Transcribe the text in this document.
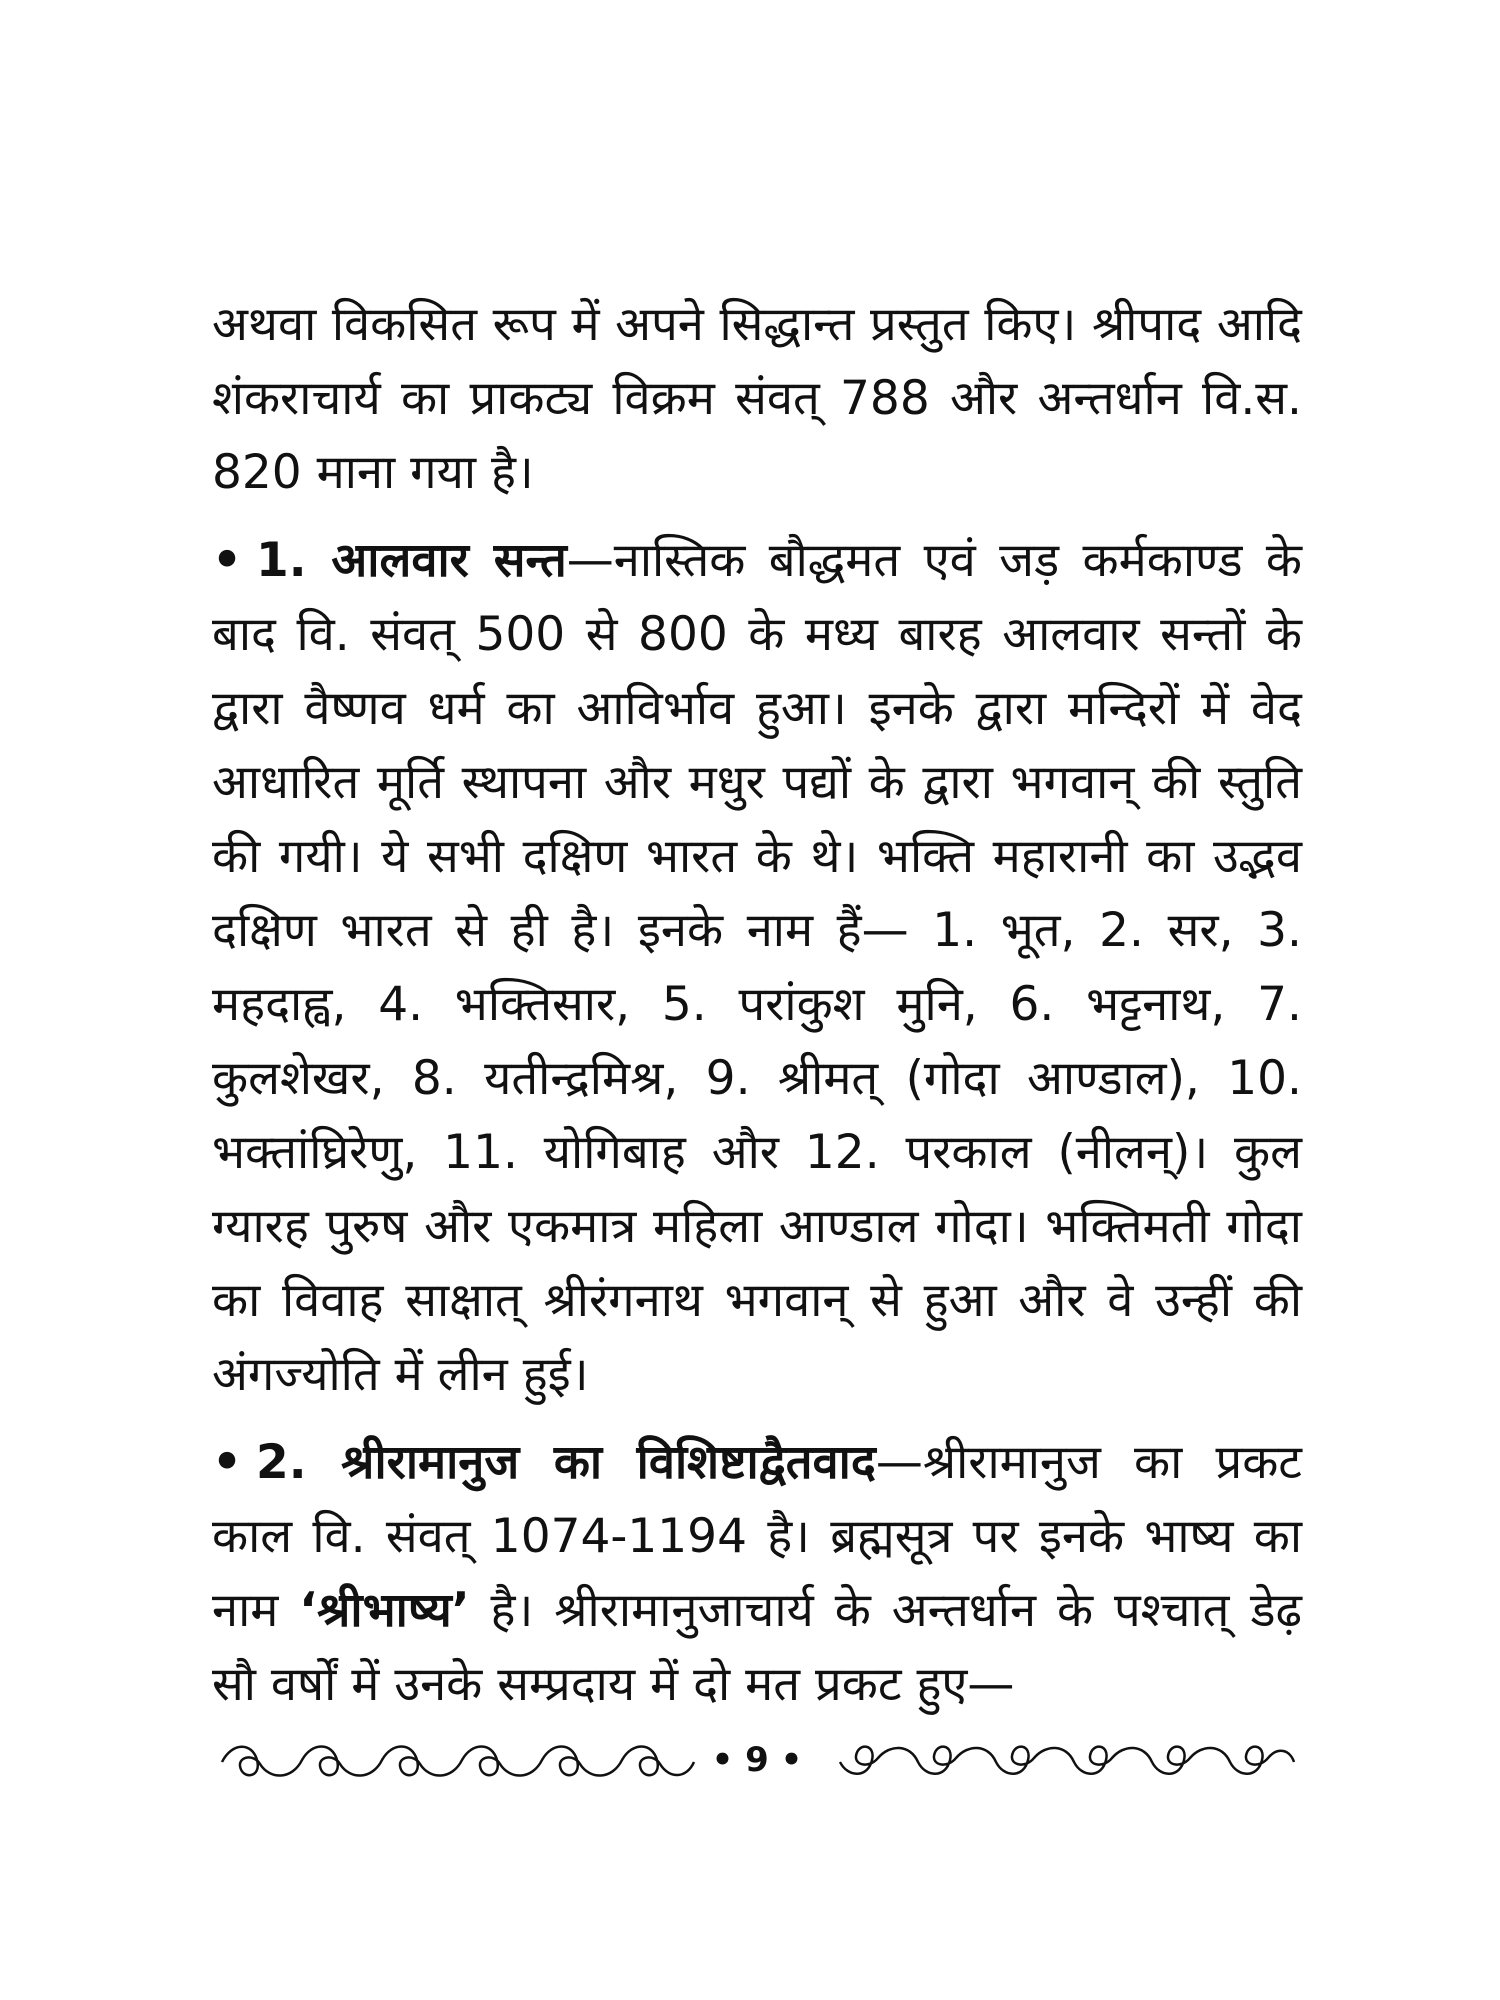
अथवा विकसित रूप में अपने सिद्धान्त प्रस्तुत किए। श्रीपाद आदि शंकराचार्य का प्राकट्य विक्रम संवत् 788 और अन्तर्धान वि.स. 820 माना गया है।

• 1. आलवार सन्त—नास्तिक बौद्धमत एवं जड़ कर्मकाण्ड के बाद वि. संवत् 500 से 800 के मध्य बारह आलवार सन्तों के द्वारा वैष्णव धर्म का आविर्भाव हुआ। इनके द्वारा मन्दिरों में वेद आधारित मूर्ति स्थापना और मधुर पद्यों के द्वारा भगवान् की स्तुति की गयी। ये सभी दक्षिण भारत के थे। भक्ति महारानी का उद्भव दक्षिण भारत से ही है। इनके नाम हैं— 1. भूत, 2. सर, 3. महदाह्व, 4. भक्तिसार, 5. परांकुश मुनि, 6. भट्टनाथ, 7. कुलशेखर, 8. यतीन्द्रमिश्र, 9. श्रीमत् (गोदा आण्डाल), 10. भक्तांघ्रिरेणु, 11. योगिबाह और 12. परकाल (नीलन्)। कुल ग्यारह पुरुष और एकमात्र महिला आण्डाल गोदा। भक्तिमती गोदा का विवाह साक्षात् श्रीरंगनाथ भगवान् से हुआ और वे उन्हीं की अंगज्योति में लीन हुई।

• 2. श्रीरामानुज का विशिष्टाद्वैतवाद—श्रीरामानुज का प्रकट काल वि. संवत् 1074-1194 है। ब्रह्मसूत्र पर इनके भाष्य का नाम ‘श्रीभाष्य’ है। श्रीरामानुजाचार्य के अन्तर्धान के पश्चात् डेढ़ सौ वर्षों में उनके सम्प्रदाय में दो मत प्रकट हुए—

• 9 •
